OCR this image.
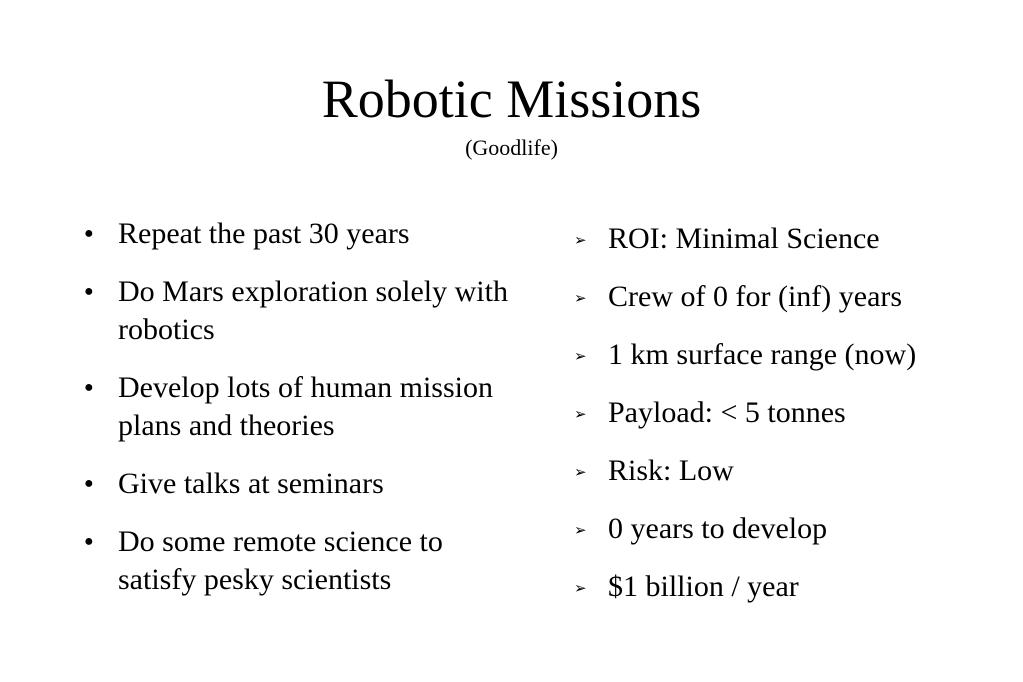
Robotic Missions
(Goodlife)
● Repeat the past 30 years
● Do Mars exploration solely with robotics
● Develop lots of human mission plans and theories
● Give talks at seminars
● Do some remote science to satisfy pesky scientists
➢ ROI: Minimal Science
➢ Crew of 0 for (inf) years
➢ 1 km surface range (now)
➢ Payload: < 5 tonnes
➢ Risk: Low
➢ 0 years to develop
➢ $1 billion / year
